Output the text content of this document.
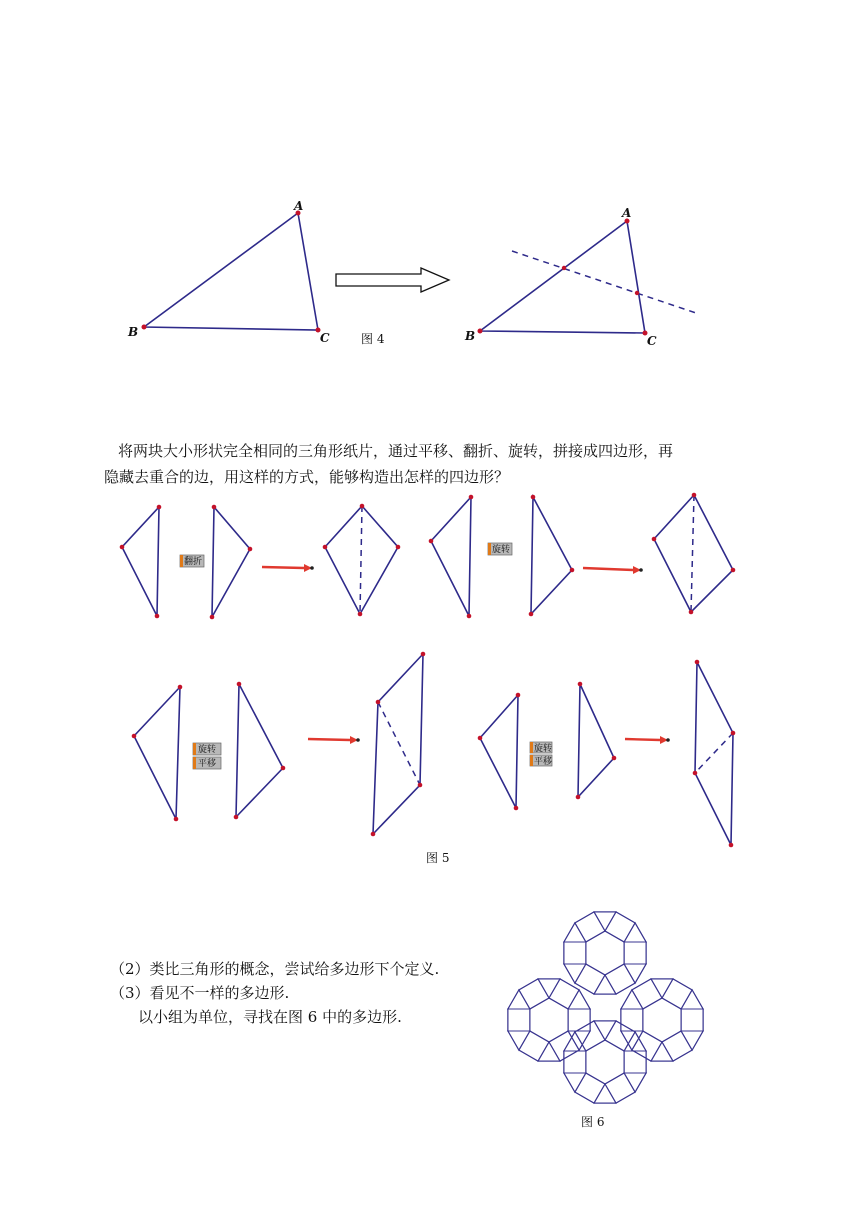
A
B	C	图 4
A
B	C

将两块大小形状完全相同的三角形纸片，通过平移、翻折、旋转，拼接成四边形，再

隐藏去重合的边，用这样的方式，能够构造出怎样的四边形？

翻折
旋转
旋转
平移
旋转
平移
图 5

（2）类比三角形的概念，尝试给多边形下个定义.

（3）看见不一样的多边形.

以小组为单位，寻找在图 6 中的多边形.

图 6
